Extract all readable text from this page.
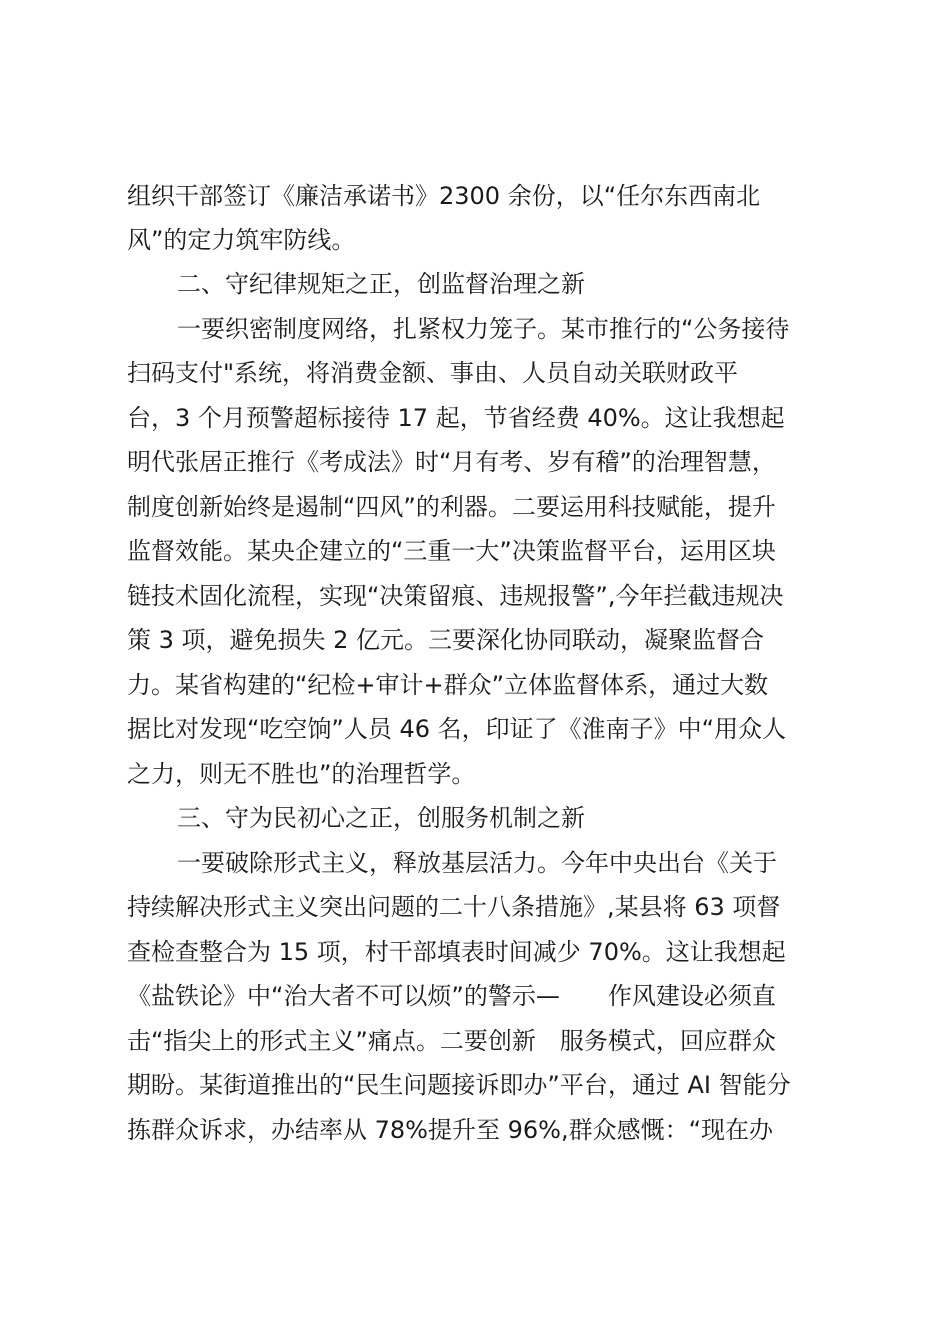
组织干部签订《廉洁承诺书》2300 余份，以“任尔东西南北
风”的定力筑牢防线。
二、守纪律规矩之正，创监督治理之新
一要织密制度网络，扎紧权力笼子。某市推行的“公务接待
扫码支付"系统，将消费金额、事由、人员自动关联财政平
台，3 个月预警超标接待 17 起，节省经费 40%。这让我想起
明代张居正推行《考成法》时“月有考、岁有稽”的治理智慧，
制度创新始终是遏制“四风”的利器。二要运用科技赋能，提升
监督效能。某央企建立的“三重一大”决策监督平台，运用区块
链技术固化流程，实现“决策留痕、违规报警”,今年拦截违规决
策 3 项，避免损失 2 亿元。三要深化协同联动，凝聚监督合
力。某省构建的“纪检+审计+群众”立体监督体系，通过大数
据比对发现“吃空饷”人员 46 名，印证了《淮南子》中“用众人
之力，则无不胜也”的治理哲学。
三、守为民初心之正，创服务机制之新
一要破除形式主义，释放基层活力。今年中央出台《关于
持续解决形式主义突出问题的二十八条措施》,某县将 63 项督
查检查整合为 15 项，村干部填表时间减少 70%。这让我想起
《盐铁论》中“治大者不可以烦”的警示—　　作风建设必须直
击“指尖上的形式主义”痛点。二要创新　服务模式，回应群众
期盼。某街道推出的“民生问题接诉即办”平台，通过 AI 智能分
拣群众诉求，办结率从 78%提升至 96%,群众感慨：“现在办
